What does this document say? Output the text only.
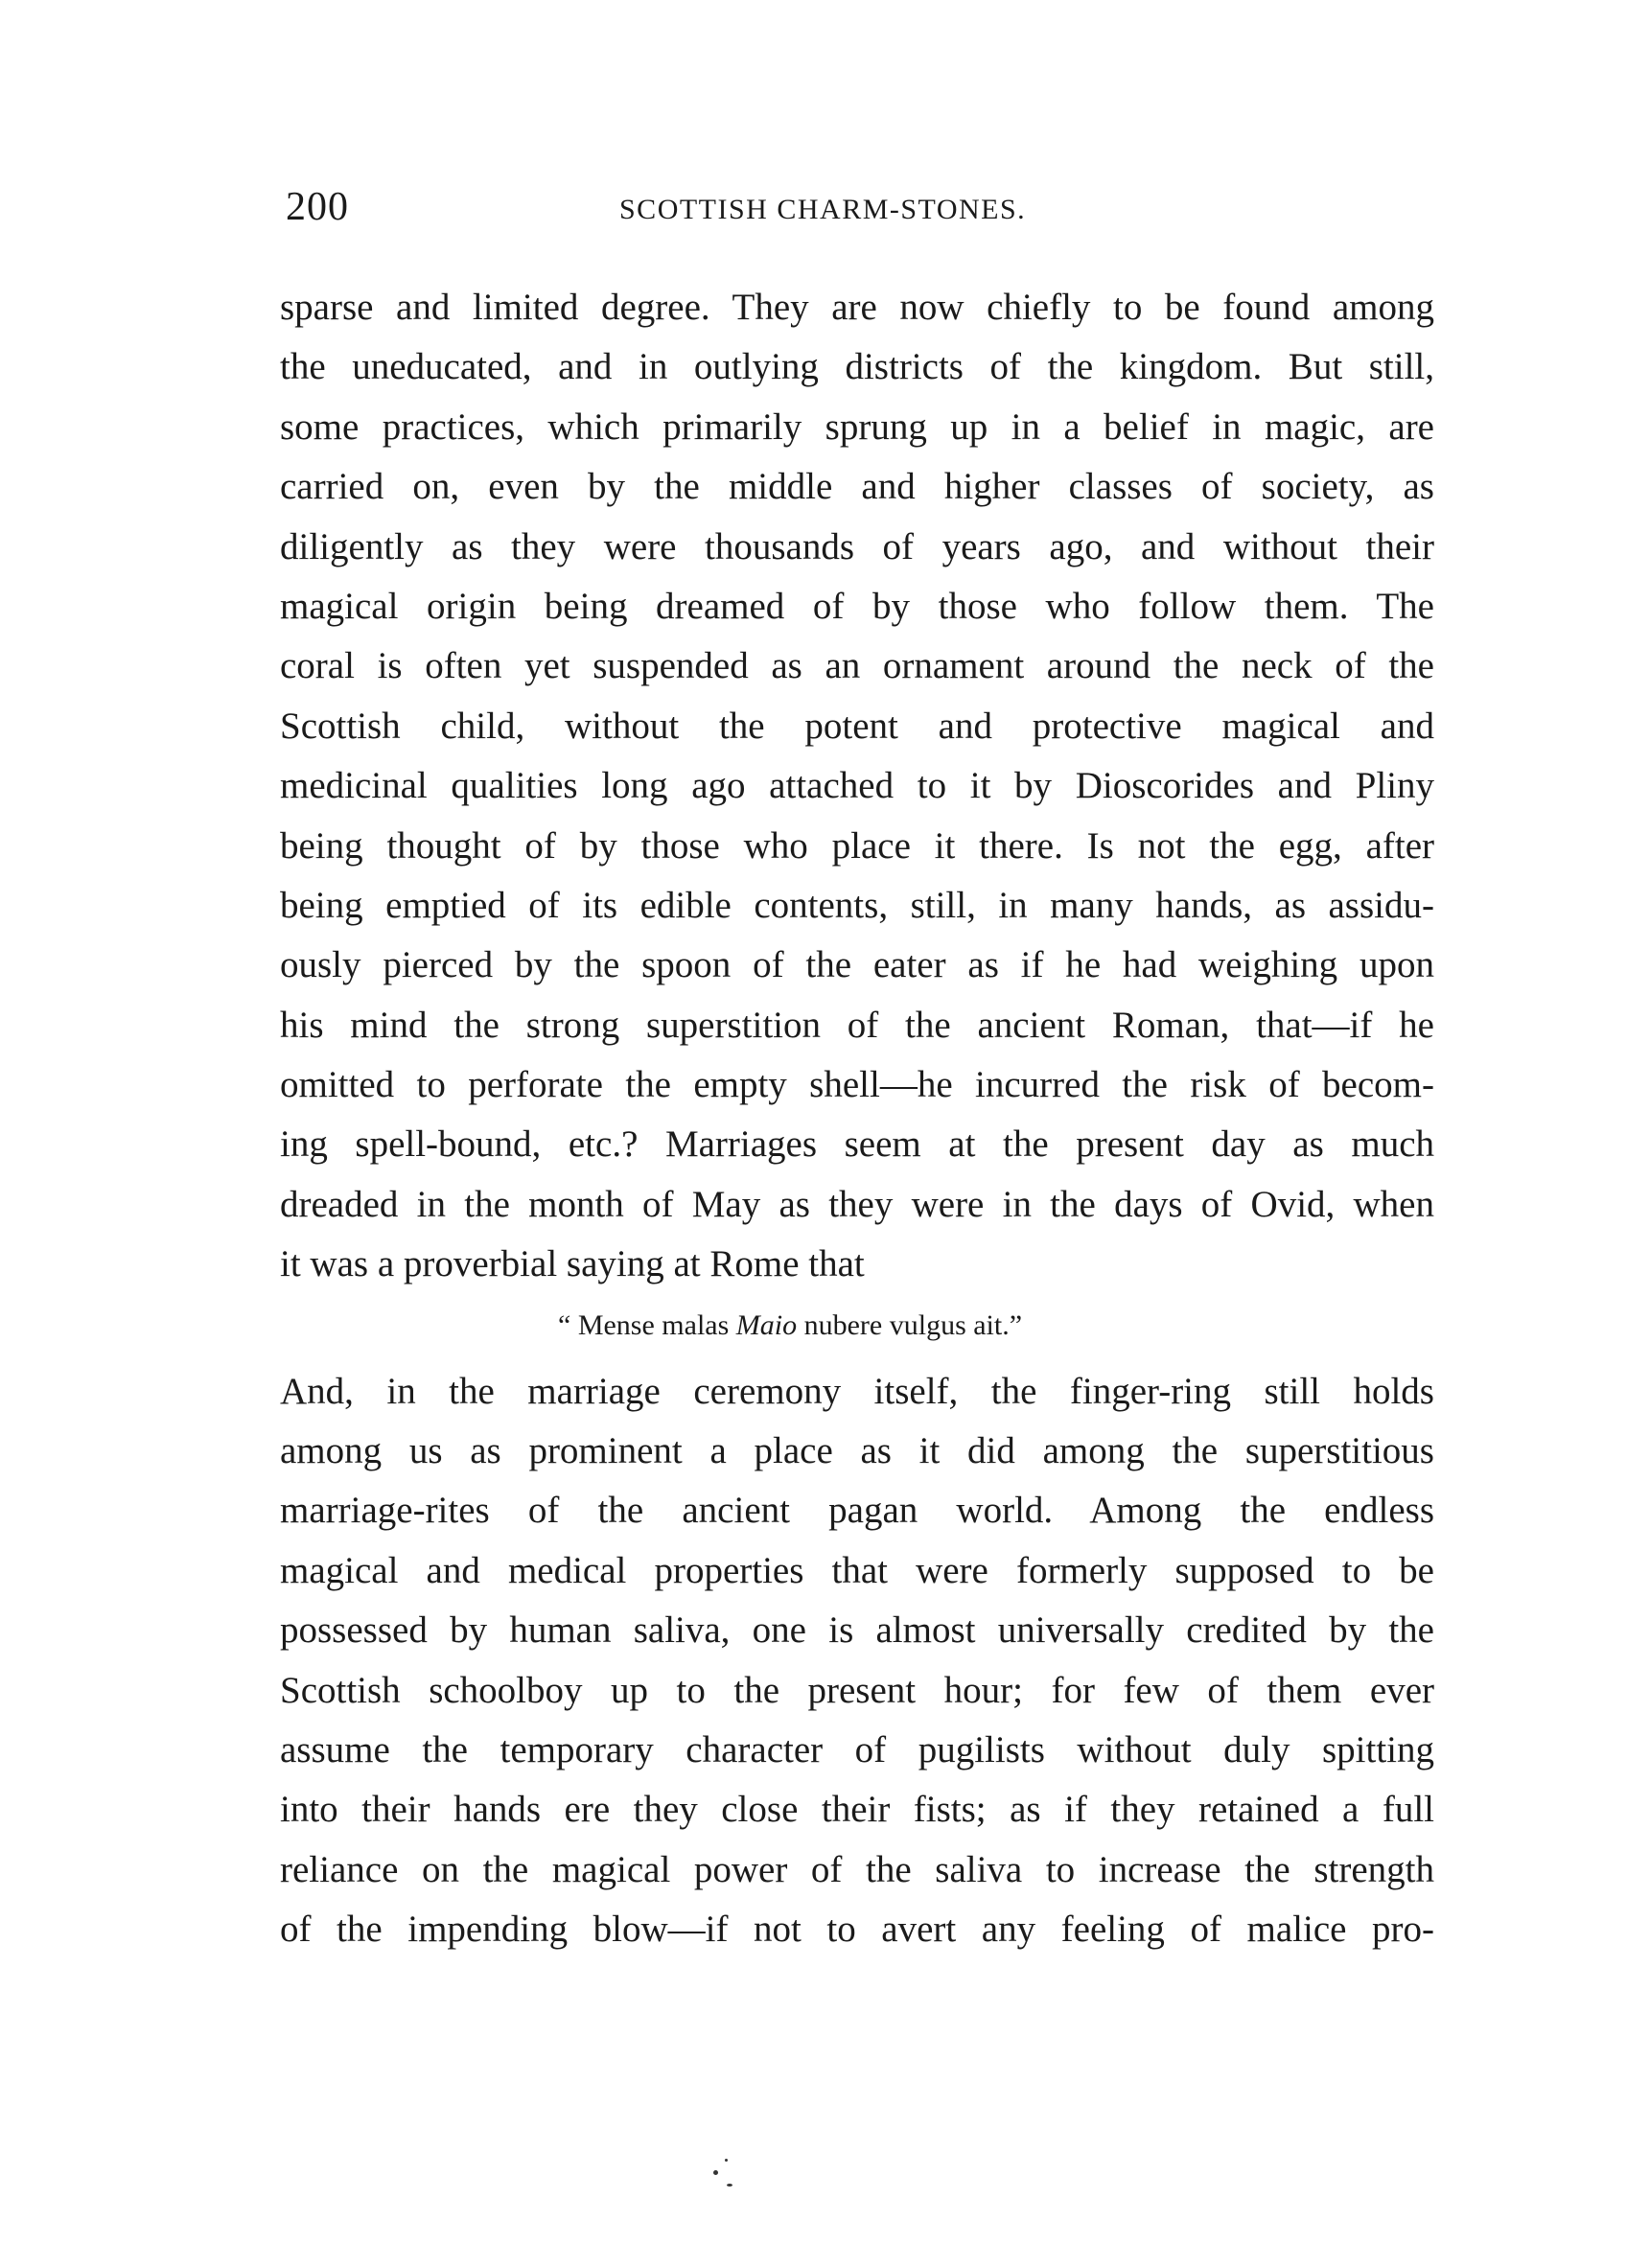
200	SCOTTISH CHARM-STONES.
sparse and limited degree. They are now chiefly to be found among
the uneducated, and in outlying districts of the kingdom. But still,
some practices, which primarily sprung up in a belief in magic, are
carried on, even by the middle and higher classes of society, as
diligently as they were thousands of years ago, and without their
magical origin being dreamed of by those who follow them. The
coral is often yet suspended as an ornament around the neck of the
Scottish child, without the potent and protective magical and
medicinal qualities long ago attached to it by Dioscorides and Pliny
being thought of by those who place it there. Is not the egg, after
being emptied of its edible contents, still, in many hands, as assidu-
ously pierced by the spoon of the eater as if he had weighing upon
his mind the strong superstition of the ancient Roman, that—if he
omitted to perforate the empty shell—he incurred the risk of becom-
ing spell-bound, etc.? Marriages seem at the present day as much
dreaded in the month of May as they were in the days of Ovid, when
it was a proverbial saying at Rome that
“ Mense malas Maio nubere vulgus ait.”
And, in the marriage ceremony itself, the finger-ring still holds
among us as prominent a place as it did among the superstitious
marriage-rites of the ancient pagan world. Among the endless
magical and medical properties that were formerly supposed to be
possessed by human saliva, one is almost universally credited by the
Scottish schoolboy up to the present hour; for few of them ever
assume the temporary character of pugilists without duly spitting
into their hands ere they close their fists; as if they retained a full
reliance on the magical power of the saliva to increase the strength
of the impending blow—if not to avert any feeling of malice pro-
